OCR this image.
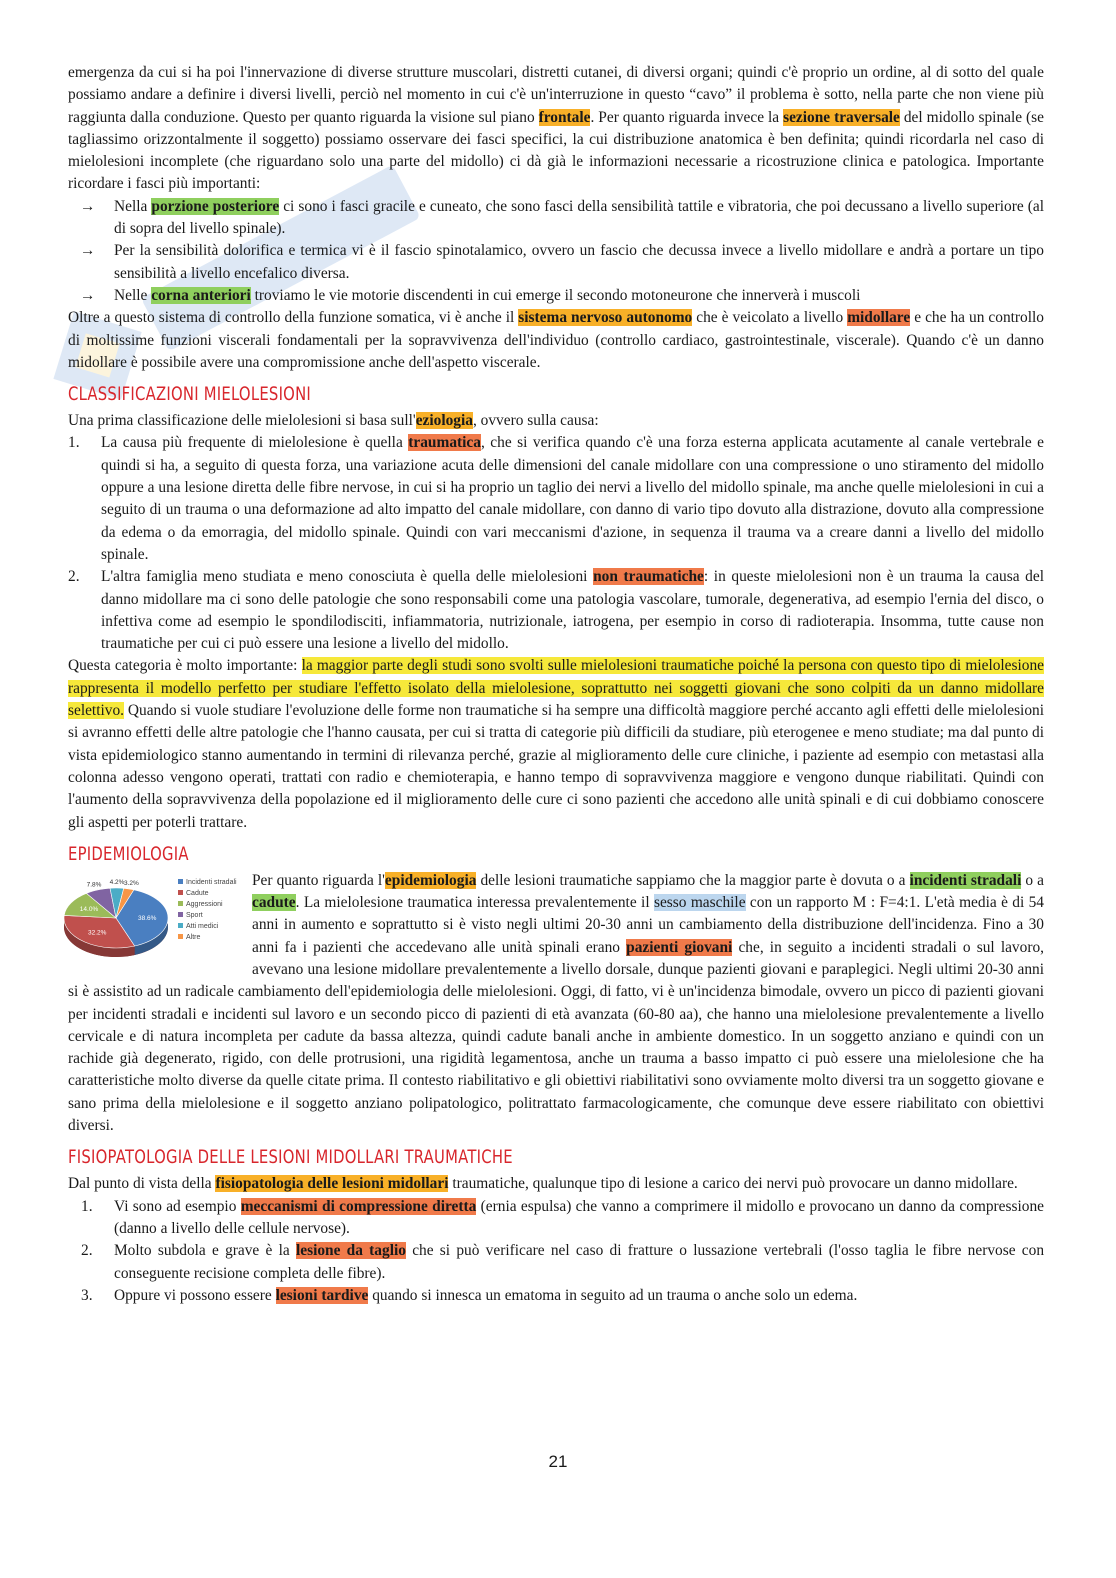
emergenza da cui si ha poi l'innervazione di diverse strutture muscolari, distretti cutanei, di diversi organi; quindi c'è proprio un ordine, al di sotto del quale possiamo andare a definire i diversi livelli, perciò nel momento in cui c'è un'interruzione in questo “cavo” il problema è sotto, nella parte che non viene più raggiunta dalla conduzione. Questo per quanto riguarda la visione sul piano frontale. Per quanto riguarda invece la sezione traversale del midollo spinale (se tagliassimo orizzontalmente il soggetto) possiamo osservare dei fasci specifici, la cui distribuzione anatomica è ben definita; quindi ricordarla nel caso di mielolesioni incomplete (che riguardano solo una parte del midollo) ci dà già le informazioni necessarie a ricostruzione clinica e patologica. Importante ricordare i fasci più importanti:

→ Nella porzione posteriore ci sono i fasci gracile e cuneato, che sono fasci della sensibilità tattile e vibratoria, che poi decussano a livello superiore (al di sopra del livello spinale).
→ Per la sensibilità dolorifica e termica vi è il fascio spinotalamico, ovvero un fascio che decussa invece a livello midollare e andrà a portare un tipo sensibilità a livello encefalico diversa.
→ Nelle corna anteriori troviamo le vie motorie discendenti in cui emerge il secondo motoneurone che innerverà i muscoli

Oltre a questo sistema di controllo della funzione somatica, vi è anche il sistema nervoso autonomo che è veicolato a livello midollare e che ha un controllo di moltissime funzioni viscerali fondamentali per la sopravvivenza dell'individuo (controllo cardiaco, gastrointestinale, viscerale). Quando c'è un danno midollare è possibile avere una compromissione anche dell'aspetto viscerale.

CLASSIFICAZIONI MIELOLESIONI

Una prima classificazione delle mielolesioni si basa sull'eziologia, ovvero sulla causa:

1. La causa più frequente di mielolesione è quella traumatica, che si verifica quando c'è una forza esterna applicata acutamente al canale vertebrale e quindi si ha, a seguito di questa forza, una variazione acuta delle dimensioni del canale midollare con una compressione o uno stiramento del midollo oppure a una lesione diretta delle fibre nervose, in cui si ha proprio un taglio dei nervi a livello del midollo spinale, ma anche quelle mielolesioni in cui a seguito di un trauma o una deformazione ad alto impatto del canale midollare, con danno di vario tipo dovuto alla distrazione, dovuto alla compressione da edema o da emorragia, del midollo spinale. Quindi con vari meccanismi d'azione, in sequenza il trauma va a creare danni a livello del midollo spinale.
2. L'altra famiglia meno studiata e meno conosciuta è quella delle mielolesioni non traumatiche: in queste mielolesioni non è un trauma la causa del danno midollare ma ci sono delle patologie che sono responsabili come una patologia vascolare, tumorale, degenerativa, ad esempio l'ernia del disco, o infettiva come ad esempio le spondilodisciti, infiammatoria, nutrizionale, iatrogena, per esempio in corso di radioterapia. Insomma, tutte cause non traumatiche per cui ci può essere una lesione a livello del midollo.

Questa categoria è molto importante: la maggior parte degli studi sono svolti sulle mielolesioni traumatiche poiché la persona con questo tipo di mielolesione rappresenta il modello perfetto per studiare l'effetto isolato della mielolesione, soprattutto nei soggetti giovani che sono colpiti da un danno midollare selettivo. Quando si vuole studiare l'evoluzione delle forme non traumatiche si ha sempre una difficoltà maggiore perché accanto agli effetti delle mielolesioni si avranno effetti delle altre patologie che l'hanno causata, per cui si tratta di categorie più difficili da studiare, più eterogenee e meno studiate; ma dal punto di vista epidemiologico stanno aumentando in termini di rilevanza perché, grazie al miglioramento delle cure cliniche, i paziente ad esempio con metastasi alla colonna adesso vengono operati, trattati con radio e chemioterapia, e hanno tempo di sopravvivenza maggiore e vengono dunque riabilitati. Quindi con l'aumento della sopravvivenza della popolazione ed il miglioramento delle cure ci sono pazienti che accedono alle unità spinali e di cui dobbiamo conoscere gli aspetti per poterli trattare.

EPIDEMIOLOGIA
38.6%
32.2%
14.0%
7.8% 4.2% 3.2%	Incidenti stradali
Cadute
Aggressioni
Sport
Atti medici
Altre

Per quanto riguarda l'epidemiologia delle lesioni traumatiche sappiamo che la maggior parte è dovuta o a incidenti stradali o a cadute. La mielolesione traumatica interessa prevalentemente il sesso maschile con un rapporto M : F=4:1. L'età media è di 54 anni in aumento e soprattutto si è visto negli ultimi 20-30 anni un cambiamento della distribuzione dell'incidenza. Fino a 30 anni fa i pazienti che accedevano alle unità spinali erano pazienti giovani che, in seguito a incidenti stradali o sul lavoro, avevano una lesione midollare prevalentemente a livello dorsale, dunque pazienti giovani e paraplegici. Negli ultimi 20-30 anni si è assistito ad un radicale cambiamento dell'epidemiologia delle mielolesioni. Oggi, di fatto, vi è un'incidenza bimodale, ovvero un picco di pazienti giovani per incidenti stradali e incidenti sul lavoro e un secondo picco di pazienti di età avanzata (60-80 aa), che hanno una mielolesione prevalentemente a livello cervicale e di natura incompleta per cadute da bassa altezza, quindi cadute banali anche in ambiente domestico. In un soggetto anziano e quindi con un rachide già degenerato, rigido, con delle protrusioni, una rigidità legamentosa, anche un trauma a basso impatto ci può essere una mielolesione che ha caratteristiche molto diverse da quelle citate prima. Il contesto riabilitativo e gli obiettivi riabilitativi sono ovviamente molto diversi tra un soggetto giovane e sano prima della mielolesione e il soggetto anziano polipatologico, politrattato farmacologicamente, che comunque deve essere riabilitato con obiettivi diversi.

FISIOPATOLOGIA DELLE LESIONI MIDOLLARI TRAUMATICHE

Dal punto di vista della fisiopatologia delle lesioni midollari traumatiche, qualunque tipo di lesione a carico dei nervi può provocare un danno midollare.

1. Vi sono ad esempio meccanismi di compressione diretta (ernia espulsa) che vanno a comprimere il midollo e provocano un danno da compressione (danno a livello delle cellule nervose).
2. Molto subdola e grave è la lesione da taglio che si può verificare nel caso di fratture o lussazione vertebrali (l'osso taglia le fibre nervose con conseguente recisione completa delle fibre).
3. Oppure vi possono essere lesioni tardive quando si innesca un ematoma in seguito ad un trauma o anche solo un edema.
21
